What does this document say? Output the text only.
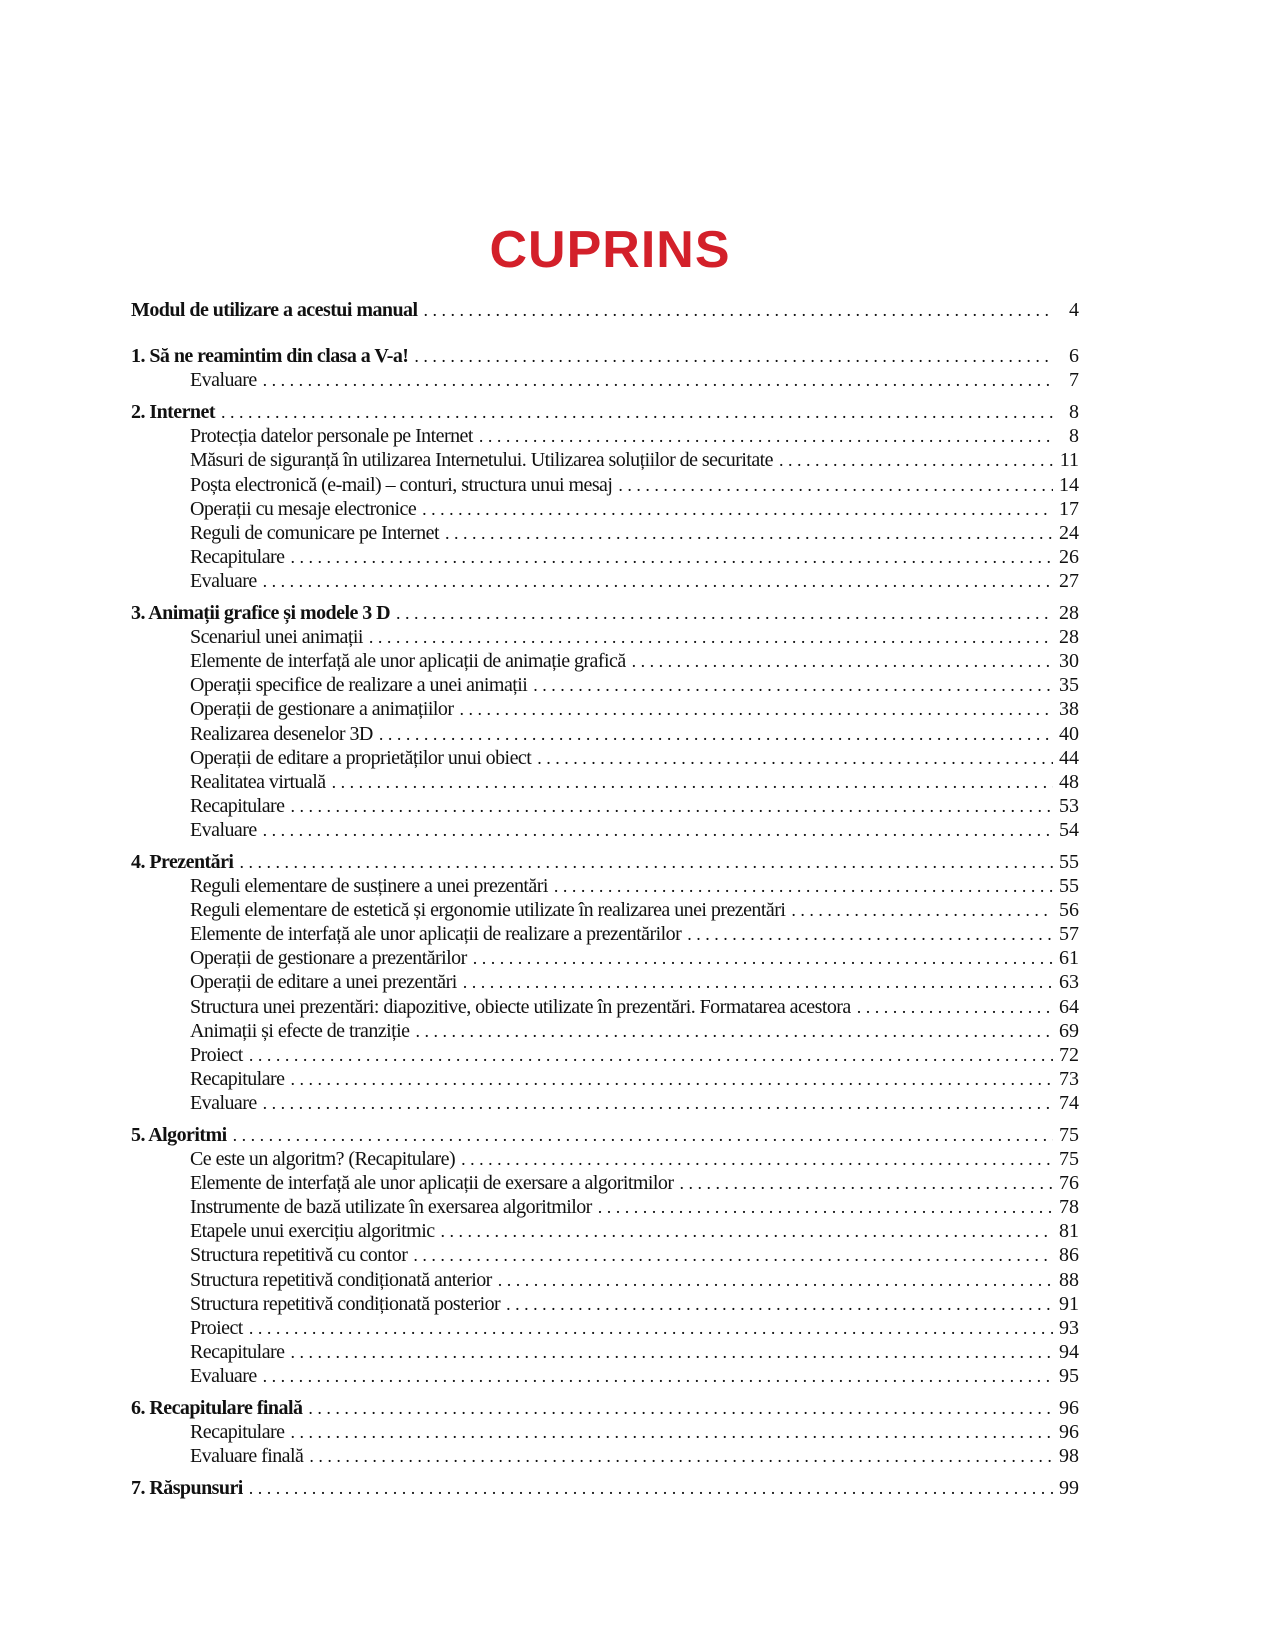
CUPRINS
Modul de utilizare a acestui manual . . .	4
1. Să ne reamintim din clasa a V-a! . . .	6
Evaluare . . .	7
2. Internet . . .	8
Protecția datelor personale pe Internet . . .	8
Măsuri de siguranță în utilizarea Internetului. Utilizarea soluțiilor de securitate . . .	11
Poșta electronică (e-mail) – conturi, structura unui mesaj . . .	14
Operații cu mesaje electronice . . .	17
Reguli de comunicare pe Internet . . .	24
Recapitulare . . .	26
Evaluare . . .	27
3. Animații grafice și modele 3 D . . .	28
Scenariul unei animații . . .	28
Elemente de interfață ale unor aplicații de animație grafică . . .	30
Operații specifice de realizare a unei animații . . .	35
Operații de gestionare a animațiilor . . .	38
Realizarea desenelor 3D . . .	40
Operații de editare a proprietăților unui obiect . . .	44
Realitatea virtuală . . .	48
Recapitulare . . .	53
Evaluare . . .	54
4. Prezentări . . .	55
Reguli elementare de susținere a unei prezentări . . .	55
Reguli elementare de estetică și ergonomie utilizate în realizarea unei prezentări . . .	56
Elemente de interfață ale unor aplicații de realizare a prezentărilor . . .	57
Operații de gestionare a prezentărilor . . .	61
Operații de editare a unei prezentări . . .	63
Structura unei prezentări: diapozitive, obiecte utilizate în prezentări. Formatarea acestora . . .	64
Animații și efecte de tranziție . . .	69
Proiect . . .	72
Recapitulare . . .	73
Evaluare . . .	74
5. Algoritmi . . .	75
Ce este un algoritm? (Recapitulare) . . .	75
Elemente de interfață ale unor aplicații de exersare a algoritmilor . . .	76
Instrumente de bază utilizate în exersarea algoritmilor . . .	78
Etapele unui exercițiu algoritmic . . .	81
Structura repetitivă cu contor . . .	86
Structura repetitivă condiționată anterior . . .	88
Structura repetitivă condiționată posterior . . .	91
Proiect . . .	93
Recapitulare . . .	94
Evaluare . . .	95
6. Recapitulare finală . . .	96
Recapitulare . . .	96
Evaluare finală . . .	98
7. Răspunsuri . . .	99
